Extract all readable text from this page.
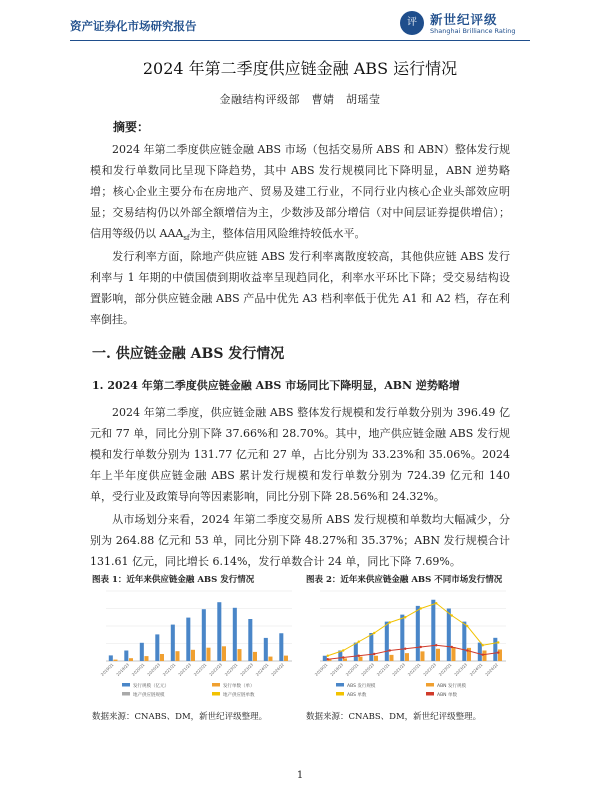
资产证券化市场研究报告	评	新世纪评级
Shanghai Brilliance Rating
2024 年第二季度供应链金融 ABS 运行情况
金融结构评级部　曹婧　胡瑶莹
摘要：

2024 年第二季度供应链金融 ABS 市场（包括交易所 ABS 和 ABN）整体发行规模和发行单数同比呈现下降趋势，其中 ABS 发行规模同比下降明显，ABN 逆势略增；核心企业主要分布在房地产、贸易及建工行业，不同行业内核心企业头部效应明显；交易结构仍以外部全额增信为主，少数涉及部分增信（对中间层证券提供增信）；信用等级仍以 $AAA_{sf}$为主，整体信用风险维持较低水平。

发行利率方面，除地产供应链 ABS 发行利率离散度较高，其他供应链 ABS 发行利率与 1 年期的中债国债到期收益率呈现趋同化，利率水平环比下降；受交易结构设置影响，部分供应链金融 ABS 产品中优先 A3 档利率低于优先 A1 和 A2 档，存在利率倒挂。

一. 供应链金融 ABS 发行情况
1. 2024 年第二季度供应链金融 ABS 市场同比下降明显，ABN 逆势略增

2024 年第二季度，供应链金融 ABS 整体发行规模和发行单数分别为 396.49 亿元和 77 单，同比分别下降 37.66%和 28.70%。其中，地产供应链金融 ABS 发行规模和发行单数分别为 131.77 亿元和 27 单，占比分别为 33.23%和 35.06%。2024 年上半年度供应链金融 ABS 累计发行规模和发行单数分别为 724.39 亿元和 140 单，受行业及政策导向等因素影响，同比分别下降 28.56%和 24.32%。

从市场划分来看，2024 年第二季度交易所 ABS 发行规模和单数均大幅减少，分别为 264.88 亿元和 53 单，同比分别下降 48.27%和 35.37%；ABN 发行规模合计 131.61 亿元，同比增长 6.14%，发行单数合计 24 单，同比下降 7.69%。

图表 1：近年来供应链金融 ABS 发行情况	图表 2：近年来供应链金融 ABS 不同市场发行情况
2019Q1 2019Q3 2020Q1 2020Q3 2021Q1 2021Q3 2022Q1 2022Q3 2023Q1 2023Q3 2024Q1 2024Q2
发行规模（亿元）	发行单数（单）
地产供应链规模	地产供应链单数
2019Q1 2019Q3 2020Q1 2020Q3 2021Q1 2021Q3 2022Q1 2022Q3 2023Q1 2023Q3 2024Q1 2024Q2
ABS 发行规模	ABN 发行规模
ABS 单数	ABN 单数
数据来源：CNABS、DM，新世纪评级整理。	数据来源：CNABS、DM，新世纪评级整理。
1
